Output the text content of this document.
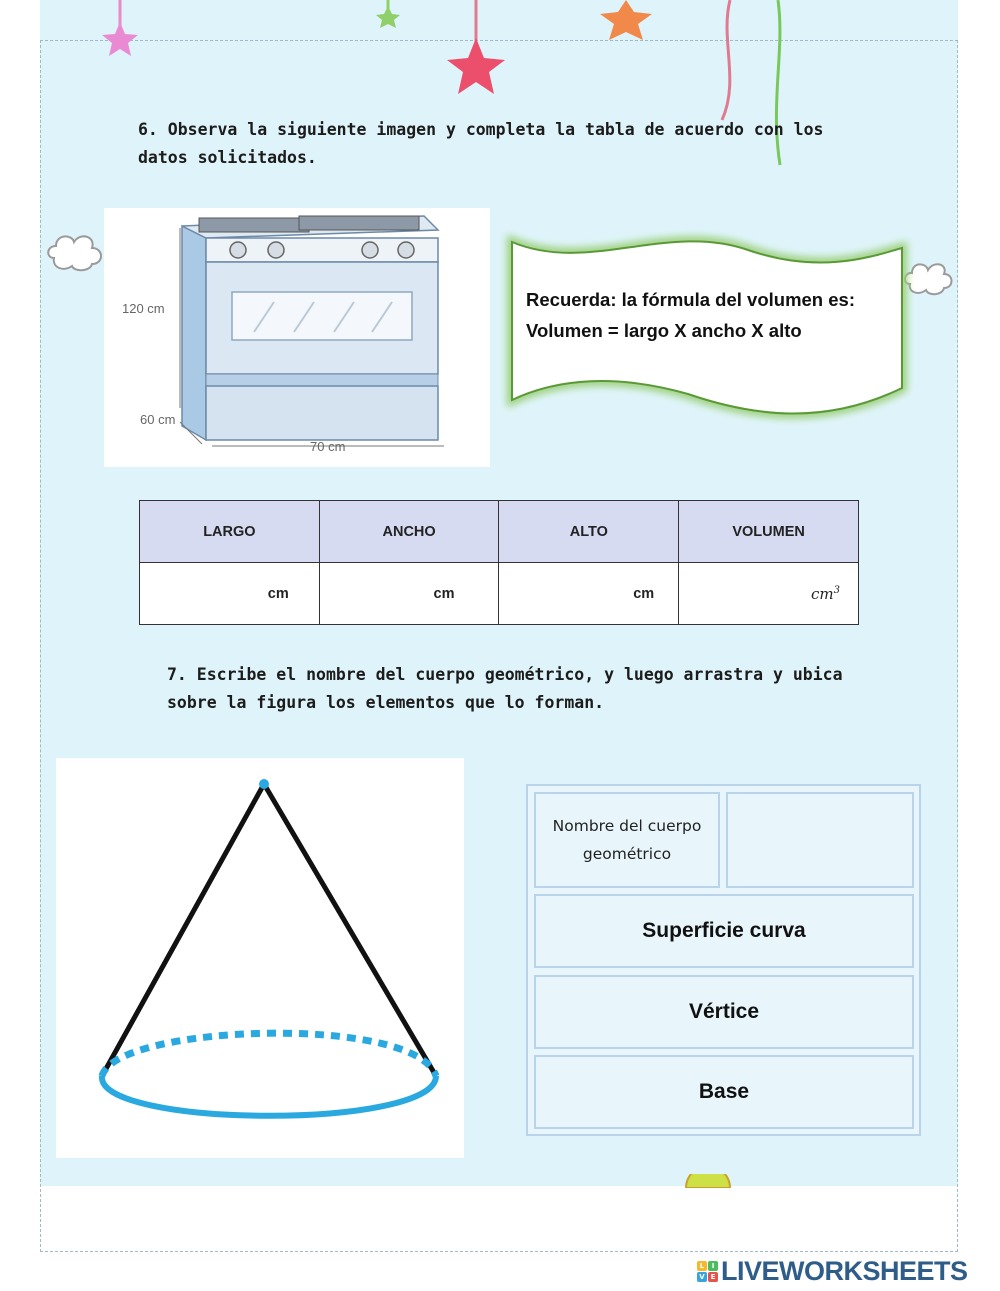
6. Observa la siguiente imagen y completa la tabla de acuerdo con los datos solicitados.
120 cm
60 cm
70 cm
Recuerda: la fórmula del volumen es:
Volumen = largo X ancho X alto
LARGO	ANCHO	ALTO	VOLUMEN
cm	cm	cm	$cm^3$
7. Escribe el nombre del cuerpo geométrico, y luego arrastra y ubica sobre la figura los elementos que lo forman.
Nombre del cuerpo geométrico
Superficie curva
Vértice
Base
L	I
V E LIVEWORKSHEETS
